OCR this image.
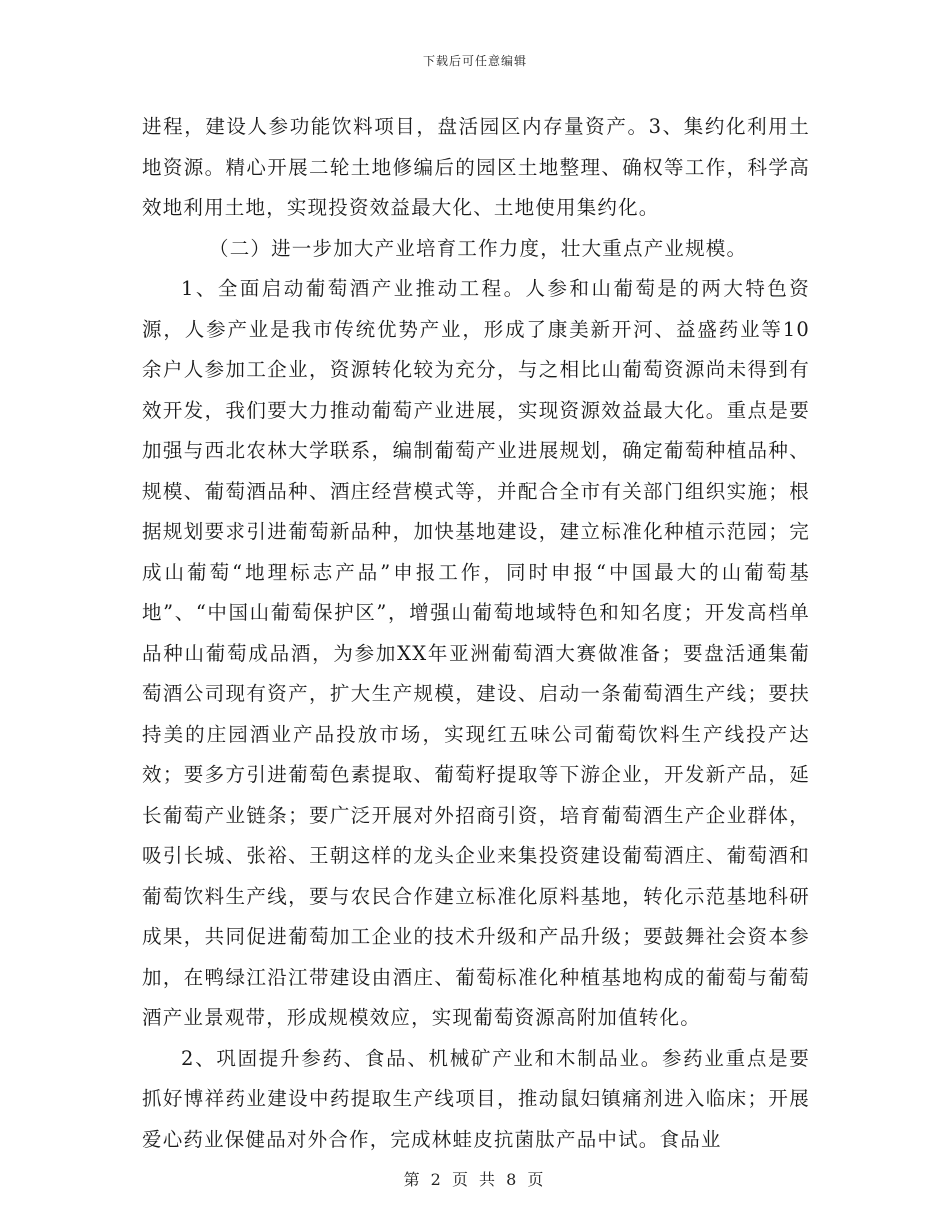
下载后可任意编辑

进程，建设人参功能饮料项目，盘活园区内存量资产。3、集约化利用土地资源。精心开展二轮土地修编后的园区土地整理、确权等工作，科学高效地利用土地，实现投资效益最大化、土地使用集约化。

（二）进一步加大产业培育工作力度，壮大重点产业规模。

1、全面启动葡萄酒产业推动工程。人参和山葡萄是的两大特色资源，人参产业是我市传统优势产业，形成了康美新开河、益盛药业等10余户人参加工企业，资源转化较为充分，与之相比山葡萄资源尚未得到有效开发，我们要大力推动葡萄产业进展，实现资源效益最大化。重点是要加强与西北农林大学联系，编制葡萄产业进展规划，确定葡萄种植品种、规模、葡萄酒品种、酒庄经营模式等，并配合全市有关部门组织实施；根据规划要求引进葡萄新品种，加快基地建设，建立标准化种植示范园；完成山葡萄“地理标志产品”申报工作，同时申报“中国最大的山葡萄基地”、“中国山葡萄保护区”，增强山葡萄地域特色和知名度；开发高档单品种山葡萄成品酒，为参加XX年亚洲葡萄酒大赛做准备；要盘活通集葡萄酒公司现有资产，扩大生产规模，建设、启动一条葡萄酒生产线；要扶持美的庄园酒业产品投放市场，实现红五味公司葡萄饮料生产线投产达效；要多方引进葡萄色素提取、葡萄籽提取等下游企业，开发新产品，延长葡萄产业链条；要广泛开展对外招商引资，培育葡萄酒生产企业群体，吸引长城、张裕、王朝这样的龙头企业来集投资建设葡萄酒庄、葡萄酒和葡萄饮料生产线，要与农民合作建立标准化原料基地，转化示范基地科研成果，共同促进葡萄加工企业的技术升级和产品升级；要鼓舞社会资本参加，在鸭绿江沿江带建设由酒庄、葡萄标准化种植基地构成的葡萄与葡萄酒产业景观带，形成规模效应，实现葡萄资源高附加值转化。

2、巩固提升参药、食品、机械矿产业和木制品业。参药业重点是要抓好博祥药业建设中药提取生产线项目，推动鼠妇镇痛剂进入临床；开展爱心药业保健品对外合作，完成林蛙皮抗菌肽产品中试。食品业

第 2 页 共 8 页
